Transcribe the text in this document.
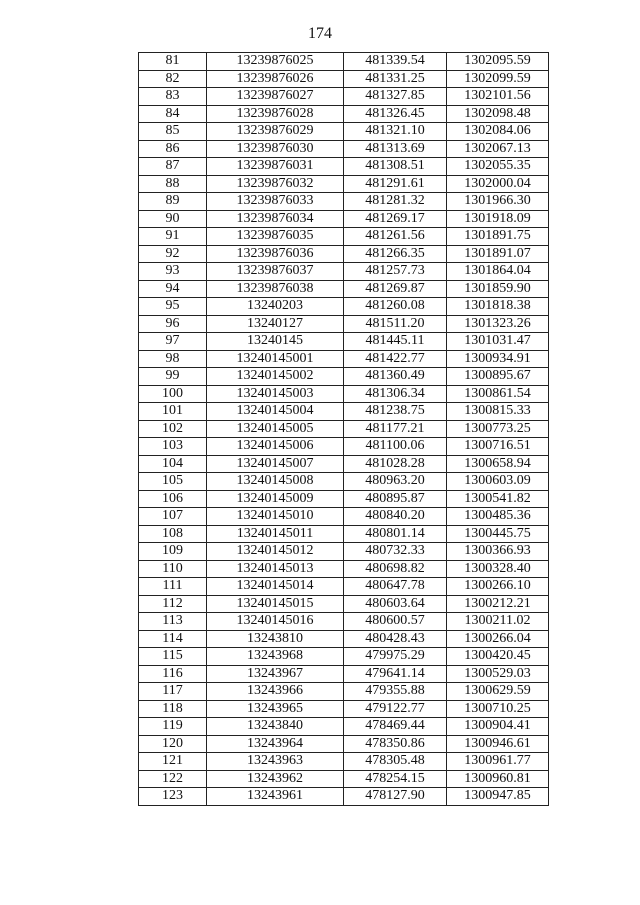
174
81	13239876025	481339.54	1302095.59
82	13239876026	481331.25	1302099.59
83	13239876027	481327.85	1302101.56
84	13239876028	481326.45	1302098.48
85	13239876029	481321.10	1302084.06
86	13239876030	481313.69	1302067.13
87	13239876031	481308.51	1302055.35
88	13239876032	481291.61	1302000.04
89	13239876033	481281.32	1301966.30
90	13239876034	481269.17	1301918.09
91	13239876035	481261.56	1301891.75
92	13239876036	481266.35	1301891.07
93	13239876037	481257.73	1301864.04
94	13239876038	481269.87	1301859.90
95	13240203	481260.08	1301818.38
96	13240127	481511.20	1301323.26
97	13240145	481445.11	1301031.47
98	13240145001	481422.77	1300934.91
99	13240145002	481360.49	1300895.67
100	13240145003	481306.34	1300861.54
101	13240145004	481238.75	1300815.33
102	13240145005	481177.21	1300773.25
103	13240145006	481100.06	1300716.51
104	13240145007	481028.28	1300658.94
105	13240145008	480963.20	1300603.09
106	13240145009	480895.87	1300541.82
107	13240145010	480840.20	1300485.36
108	13240145011	480801.14	1300445.75
109	13240145012	480732.33	1300366.93
110	13240145013	480698.82	1300328.40
111	13240145014	480647.78	1300266.10
112	13240145015	480603.64	1300212.21
113	13240145016	480600.57	1300211.02
114	13243810	480428.43	1300266.04
115	13243968	479975.29	1300420.45
116	13243967	479641.14	1300529.03
117	13243966	479355.88	1300629.59
118	13243965	479122.77	1300710.25
119	13243840	478469.44	1300904.41
120	13243964	478350.86	1300946.61
121	13243963	478305.48	1300961.77
122	13243962	478254.15	1300960.81
123	13243961	478127.90	1300947.85
